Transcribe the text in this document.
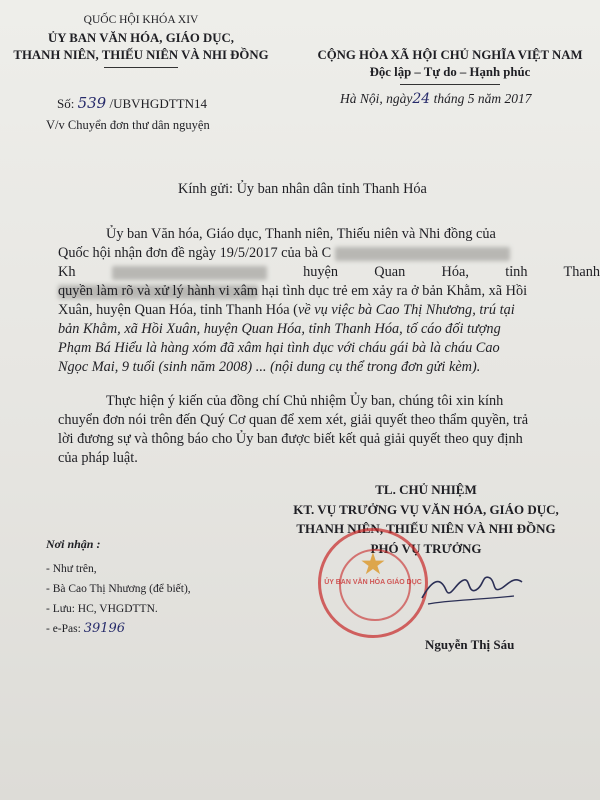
QUỐC HỘI KHÓA XIV
ỦY BAN VĂN HÓA, GIÁO DỤC,
THANH NIÊN, THIẾU NIÊN VÀ NHI ĐỒNG
Số: 539 /UBVHGDTTN14
V/v Chuyển đơn thư dân nguyện
CỘNG HÒA XÃ HỘI CHỦ NGHĨA VIỆT NAM
Độc lập – Tự do – Hạnh phúc
Hà Nội, ngày24 tháng 5 năm 2017
Kính gửi: Ủy ban nhân dân tỉnh Thanh Hóa
Ủy ban Văn hóa, Giáo dục, Thanh niên, Thiếu niên và Nhi đồng của
Quốc hội nhận đơn đề ngày 19/5/2017 của bà C
Kh	huyện Quan Hóa, tỉnh Thanh
quyền làm rõ và xử lý hành vi xâm hại tình dục trẻ em xảy ra ở bản Khằm, xã Hồi
Xuân, huyện Quan Hóa, tỉnh Thanh Hóa (về vụ việc bà Cao Thị Nhương, trú tại
bản Khằm, xã Hồi Xuân, huyện Quan Hóa, tỉnh Thanh Hóa, tố cáo đối tượng
Phạm Bá Hiểu là hàng xóm đã xâm hại tình dục với cháu gái bà là cháu Cao
Ngọc Mai, 9 tuổi (sinh năm 2008) ... (nội dung cụ thể trong đơn gửi kèm).
Thực hiện ý kiến của đồng chí Chủ nhiệm Ủy ban, chúng tôi xin kính
chuyển đơn nói trên đến Quý Cơ quan để xem xét, giải quyết theo thẩm quyền, trả
lời đương sự và thông báo cho Ủy ban được biết kết quả giải quyết theo quy định
của pháp luật.
TL. CHỦ NHIỆM
KT. VỤ TRƯỞNG VỤ VĂN HÓA, GIÁO DỤC,
THANH NIÊN, THIẾU NIÊN VÀ NHI ĐỒNG
PHÓ VỤ TRƯỞNG
★
ỦY BAN VĂN HÓA GIÁO DỤC
Nguyễn Thị Sáu
Nơi nhận :
- Như trên,
- Bà Cao Thị Nhương (để biết),
- Lưu: HC, VHGDTTN.
- e-Pas: 39196
